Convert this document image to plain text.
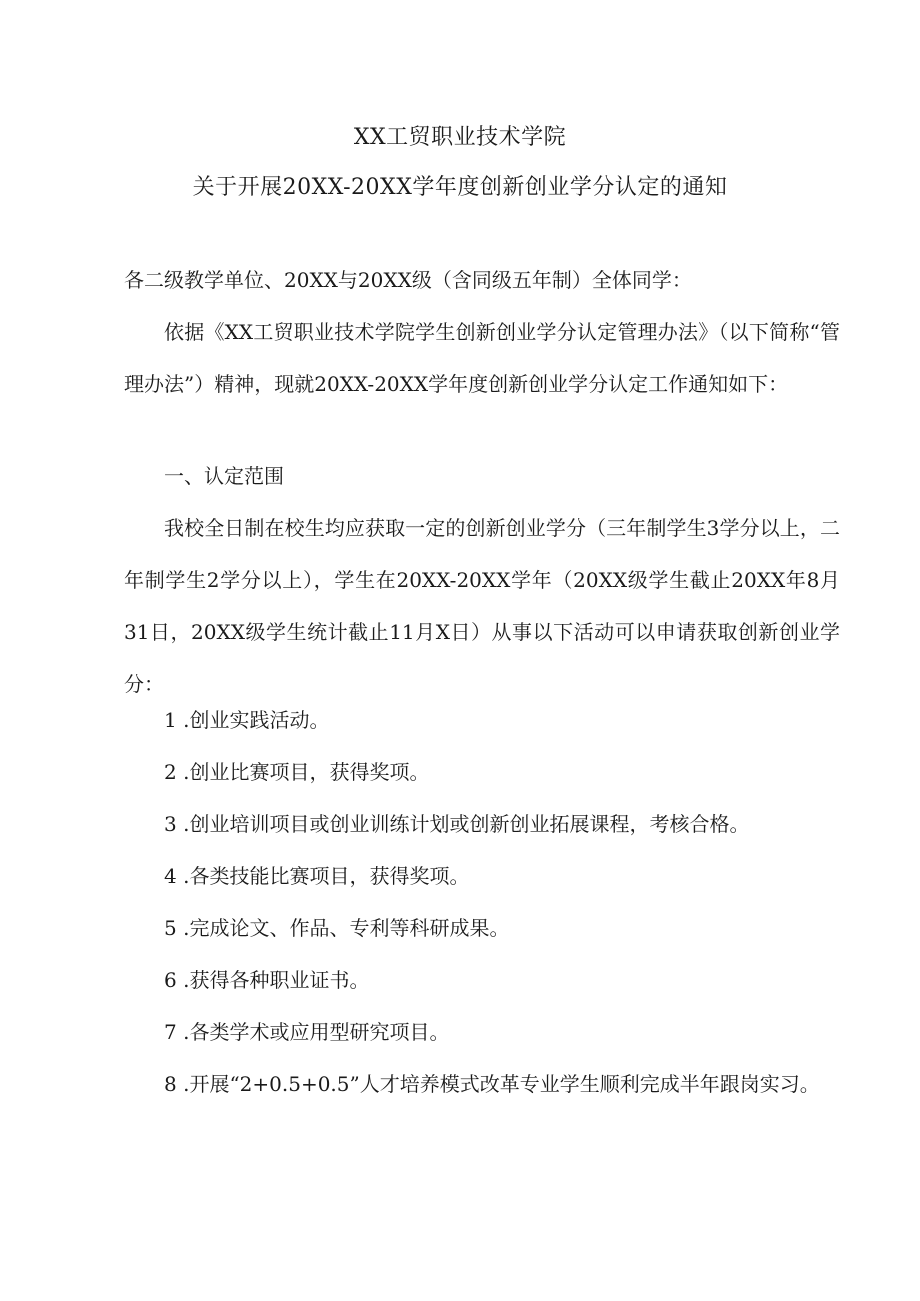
XX工贸职业技术学院
关于开展20XX-20XX学年度创新创业学分认定的通知

各二级教学单位、20XX与20XX级（含同级五年制）全体同学：

依据《XX工贸职业技术学院学生创新创业学分认定管理办法》（以下简称“管理办法”）精神，现就20XX-20XX学年度创新创业学分认定工作通知如下：

一、认定范围

我校全日制在校生均应获取一定的创新创业学分（三年制学生3学分以上，二年制学生2学分以上），学生在20XX-20XX学年（20XX级学生截止20XX年8月31日，20XX级学生统计截止11月X日）从事以下活动可以申请获取创新创业学分：

1 .创业实践活动。
2 .创业比赛项目，获得奖项。
3 .创业培训项目或创业训练计划或创新创业拓展课程，考核合格。
4 .各类技能比赛项目，获得奖项。
5 .完成论文、作品、专利等科研成果。
6 .获得各种职业证书。
7 .各类学术或应用型研究项目。
8 .开展“2+0.5+0.5”人才培养模式改革专业学生顺利完成半年跟岗实习。
